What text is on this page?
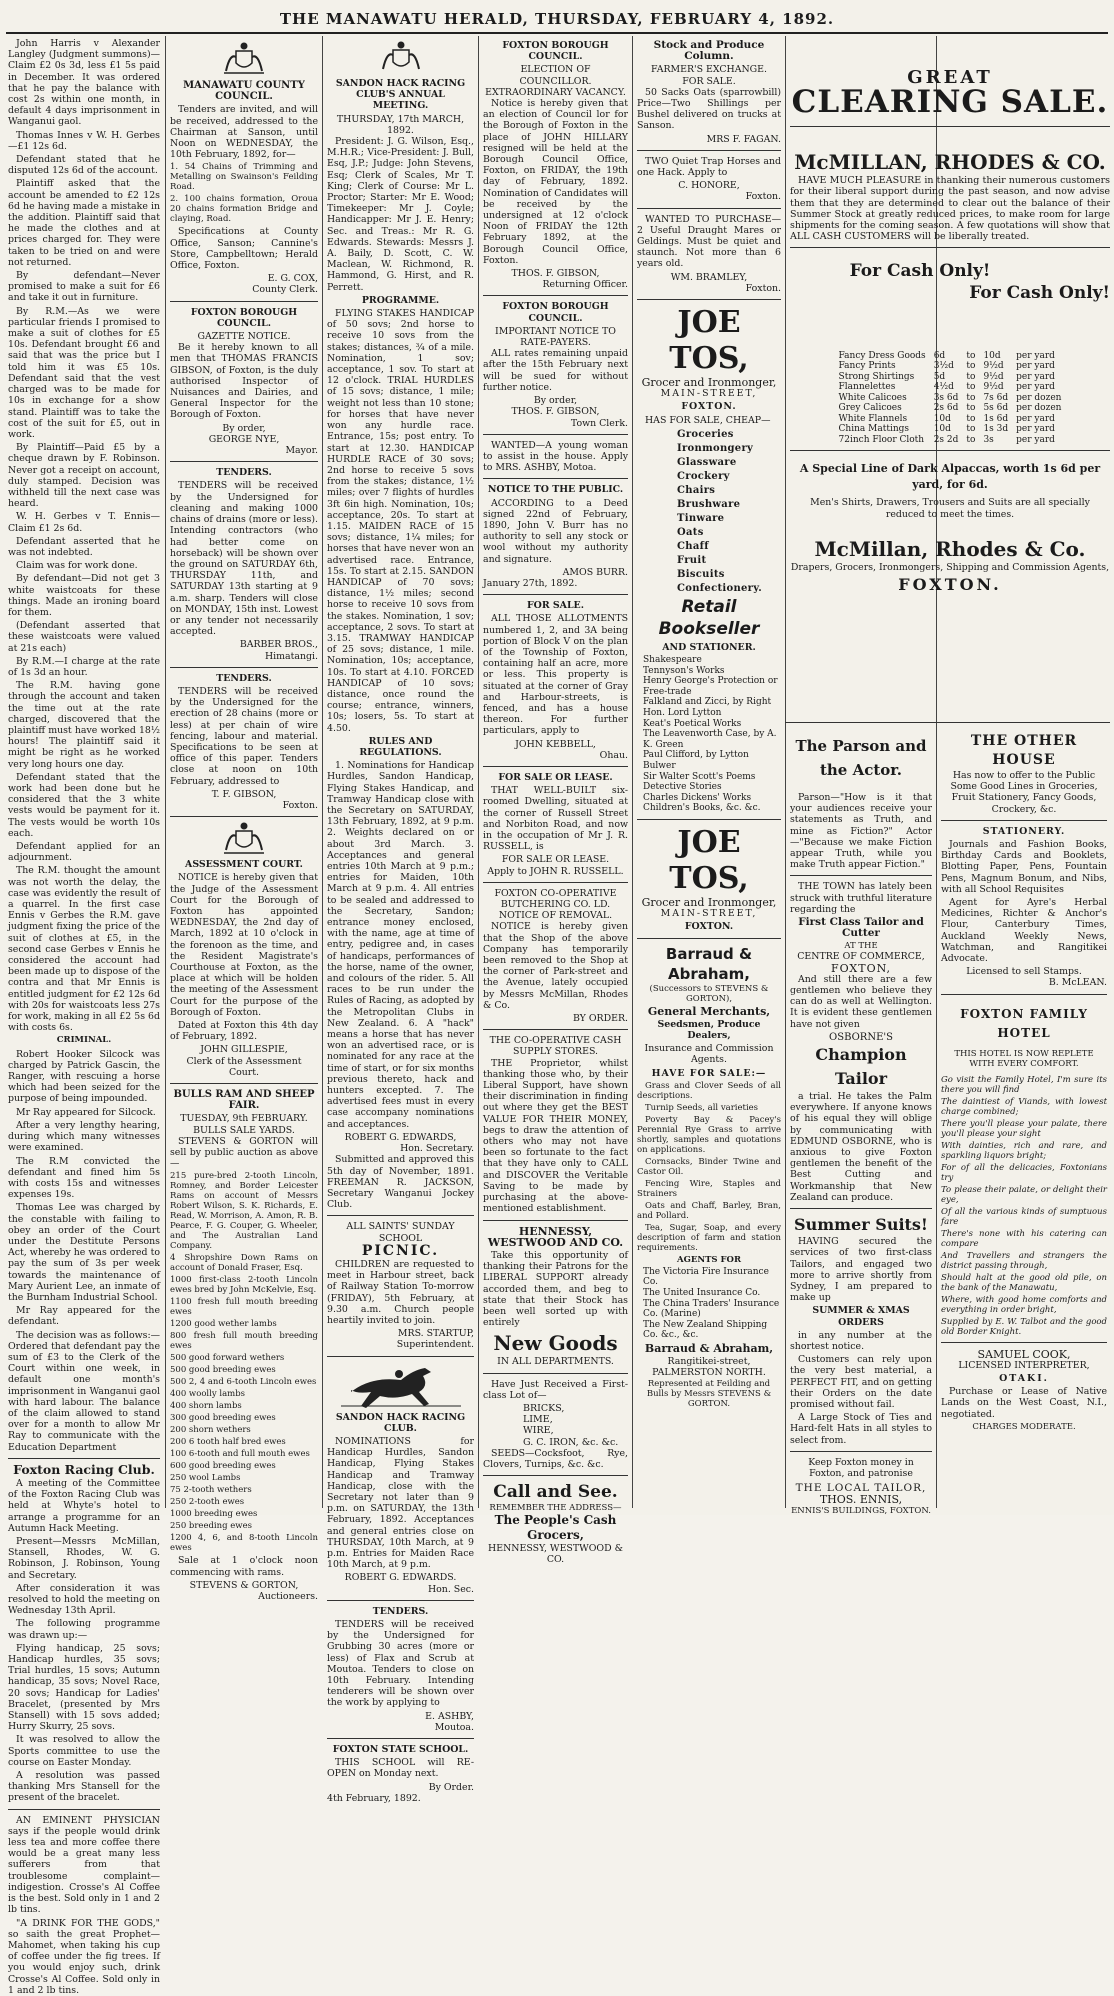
THE MANAWATU HERALD, THURSDAY, FEBRUARY 4, 1892.

John Harris v Alexander Langley (Judgment summons)—Claim £2 0s 3d, less £1 5s paid in December. It was ordered that he pay the balance with cost 2s within one month, in default 4 days imprisonment in Wanganui gaol.

Thomas Innes v W. H. Gerbes—£1 12s 6d.

Defendant stated that he disputed 12s 6d of the account.

Plaintiff asked that the account be amended to £2 12s 6d he having made a mistake in the addition. Plaintiff said that he made the clothes and at prices charged for. They were taken to be tried on and were not returned.

By defendant—Never promised to make a suit for £6 and take it out in furniture.

By R.M.—As we were particular friends I promised to make a suit of clothes for £5 10s. Defendant brought £6 and said that was the price but I told him it was £5 10s. Defendant said that the vest charged was to be made for 10s in exchange for a show stand. Plaintiff was to take the cost of the suit for £5, out in work.

By Plaintiff—Paid £5 by a cheque drawn by F. Robinson. Never got a receipt on account, duly stamped. Decision was withheld till the next case was heard.

W. H. Gerbes v T. Ennis—Claim £1 2s 6d.

Defendant asserted that he was not indebted.

Claim was for work done.

By defendant—Did not get 3 white waistcoats for these things. Made an ironing board for them.

(Defendant asserted that these waistcoats were valued at 21s each)

By R.M.—I charge at the rate of 1s 3d an hour.

The R.M. having gone through the account and taken the time out at the rate charged, discovered that the plaintiff must have worked 18½ hours! The plaintiff said it might be right as he worked very long hours one day.

Defendant stated that the work had been done but he considered that the 3 white vests would be payment for it. The vests would be worth 10s each.

Defendant applied for an adjournment.

The R.M. thought the amount was not worth the delay, the case was evidently the result of a quarrel. In the first case Ennis v Gerbes the R.M. gave judgment fixing the price of the suit of clothes at £5, in the second case Gerbes v Ennis he considered the account had been made up to dispose of the contra and that Mr Ennis is entitled judgment for £2 12s 6d with 20s for waistcoats less 27s for work, making in all £2 5s 6d with costs 6s.

CRIMINAL.

Robert Hooker Silcock was charged by Patrick Gascin, the Ranger, with rescuing a horse which had been seized for the purpose of being impounded.

Mr Ray appeared for Silcock.

After a very lengthy hearing, during which many witnesses were examined.

The R.M convicted the defendant and fined him 5s with costs 15s and witnesses expenses 19s.

Thomas Lee was charged by the constable with failing to obey an order of the Court under the Destitute Persons Act, whereby he was ordered to pay the sum of 3s per week towards the maintenance of Mary Aurient Lee, an inmate of the Burnham Industrial School.

Mr Ray appeared for the defendant.

The decision was as follows:—Ordered that defendant pay the sum of £3 to the Clerk of the Court within one week, in default one month's imprisonment in Wanganui gaol with hard labour. The balance of the claim allowed to stand over for a month to allow Mr Ray to communicate with the Education Department

Foxton Racing Club.

A meeting of the Committee of the Foxton Racing Club was held at Whyte's hotel to arrange a programme for an Autumn Hack Meeting.

Present—Messrs McMillan, Stansell, Rhodes, W. G. Robinson, J. Robinson, Young and Secretary.

After consideration it was resolved to hold the meeting on Wednesday 13th April.

The following programme was drawn up:—

Flying handicap, 25 sovs; Handicap hurdles, 35 sovs; Trial hurdles, 15 sovs; Autumn handicap, 35 sovs; Novel Race, 20 sovs; Handicap for Ladies' Bracelet, (presented by Mrs Stansell) with 15 sovs added; Hurry Skurry, 25 sovs.

It was resolved to allow the Sports committee to use the course on Easter Monday.

A resolution was passed thanking Mrs Stansell for the present of the bracelet.

AN EMINENT PHYSICIAN says if the people would drink less tea and more coffee there would be a great many less sufferers from that troublesome complaint—indigestion. Crosse's Al Coffee is the best. Sold only in 1 and 2 lb tins.

"A DRINK FOR THE GODS," so saith the great Prophet—Mahomet, when taking his cup of coffee under the fig trees. If you would enjoy such, drink Crosse's Al Coffee. Sold only in 1 and 2 lb tins.

MANAWATU COUNTY COUNCIL.

Tenders are invited, and will be received, addressed to the Chairman at Sanson, until Noon on WEDNESDAY, the 10th February, 1892, for—

1. 54 Chains of Trimming and Metalling on Swainson's Feilding Road.

2. 100 chains formation, Oroua 20 chains formation Bridge and claying, Road.

Specifications at County Office, Sanson; Cannine's Store, Campbelltown; Herald Office, Foxton.

E. G. COX,
County Clerk.
FOXTON BOROUGH COUNCIL.
GAZETTE NOTICE.

Be it hereby known to all men that THOMAS FRANCIS GIBSON, of Foxton, is the duly authorised Inspector of Nuisances and Dairies, and General Inspector for the Borough of Foxton.

By order,
GEORGE NYE,
Mayor.
TENDERS.

TENDERS will be received by the Undersigned for cleaning and making 1000 chains of drains (more or less). Intending contractors (who had better come on horseback) will be shown over the ground on SATURDAY 6th, THURSDAY 11th, and SATURDAY 13th starting at 9 a.m. sharp. Tenders will close on MONDAY, 15th inst. Lowest or any tender not necessarily accepted.

BARBER BROS.,
Himatangi.
TENDERS.

TENDERS will be received by the Undersigned for the erection of 28 chains (more or less) at per chain of wire fencing, labour and material. Specifications to be seen at office of this paper. Tenders close at noon on 10th February, addressed to

T. F. GIBSON,
Foxton.
ASSESSMENT COURT.

NOTICE is hereby given that the Judge of the Assessment Court for the Borough of Foxton has appointed WEDNESDAY, the 2nd day of March, 1892 at 10 o'clock in the forenoon as the time, and the Resident Magistrate's Courthouse at Foxton, as the place at which will be holden the meeting of the Assessment Court for the purpose of the Borough of Foxton.

Dated at Foxton this 4th day of February, 1892.

JOHN GILLESPIE,
Clerk of the Assessment Court.
BULLS RAM AND SHEEP FAIR.
TUESDAY, 9th FEBRUARY.
BULLS SALE YARDS.

STEVENS & GORTON will sell by public auction as above—

215 pure-bred 2-tooth Lincoln, Romney, and Border Leicester Rams on account of Messrs Robert Wilson, S. K. Richards, E. Read, W. Morrison, A. Amon, R. B. Pearce, F. G. Couper, G. Wheeler, and The Australian Land Company.

4 Shropshire Down Rams on account of Donald Fraser, Esq.

1000 first-class 2-tooth Lincoln ewes bred by John McKelvie, Esq.

1100 fresh full mouth breeding ewes

1200 good wether lambs

800 fresh full mouth breeding ewes

500 good forward wethers

500 good breeding ewes

500 2, 4 and 6-tooth Lincoln ewes

400 woolly lambs

400 shorn lambs

300 good breeding ewes

200 shorn wethers

200 6 tooth half bred ewes

100 6-tooth and full mouth ewes

600 good breeding ewes

250 wool Lambs

75 2-tooth wethers

250 2-tooth ewes

1000 breeding ewes

250 breeding ewes

1200 4, 6, and 8-tooth Lincoln ewes

Sale at 1 o'clock noon commencing with rams.

STEVENS & GORTON,
Auctioneers.
SANDON HACK RACING CLUB'S ANNUAL MEETING.
THURSDAY, 17th MARCH, 1892.

President: J. G. Wilson, Esq., M.H.R.; Vice-President: J. Bull, Esq, J.P.; Judge: John Stevens, Esq; Clerk of Scales, Mr T. King; Clerk of Course: Mr L. Proctor; Starter: Mr E. Wood; Timekeeper: Mr J. Coyle; Handicapper: Mr J. E. Henry; Sec. and Treas.: Mr R. G. Edwards. Stewards: Messrs J. A. Baily, D. Scott, C. W. Maclean, W. Richmond, R. Hammond, G. Hirst, and R. Perrett.

PROGRAMME.

FLYING STAKES HANDICAP of 50 sovs; 2nd horse to receive 10 sovs from the stakes; distances, ¾ of a mile. Nomination, 1 sov; acceptance, 1 sov. To start at 12 o'clock. TRIAL HURDLES of 15 sovs; distance, 1 mile; weight not less than 10 stone; for horses that have never won any hurdle race. Entrance, 15s; post entry. To start at 12.30. HANDICAP HURDLE RACE of 30 sovs; 2nd horse to receive 5 sovs from the stakes; distance, 1½ miles; over 7 flights of hurdles 3ft 6in high. Nomination, 10s; acceptance, 20s. To start at 1.15. MAIDEN RACE of 15 sovs; distance, 1¼ miles; for horses that have never won an advertised race. Entrance, 15s. To start at 2.15. SANDON HANDICAP of 70 sovs; distance, 1½ miles; second horse to receive 10 sovs from the stakes. Nomination, 1 sov; acceptance, 2 sovs. To start at 3.15. TRAMWAY HANDICAP of 25 sovs; distance, 1 mile. Nomination, 10s; acceptance, 10s. To start at 4.10. FORCED HANDICAP of 10 sovs; distance, once round the course; entrance, winners, 10s; losers, 5s. To start at 4.50.

RULES AND REGULATIONS.

1. Nominations for Handicap Hurdles, Sandon Handicap, Flying Stakes Handicap, and Tramway Handicap close with the Secretary on SATURDAY, 13th February, 1892, at 9 p.m. 2. Weights declared on or about 3rd March. 3. Acceptances and general entries 10th March at 9 p.m.; entries for Maiden, 10th March at 9 p.m. 4. All entries to be sealed and addressed to the Secretary, Sandon; entrance money enclosed, with the name, age at time of entry, pedigree and, in cases of handicaps, performances of the horse, name of the owner, and colours of the rider. 5. All races to be run under the Rules of Racing, as adopted by the Metropolitan Clubs in New Zealand. 6. A "hack" means a horse that has never won an advertised race, or is nominated for any race at the time of start, or for six months previous thereto, hack and hunters excepted. 7. The advertised fees must in every case accompany nominations and acceptances.

ROBERT G. EDWARDS,
Hon. Secretary.

Submitted and approved this 5th day of November, 1891. FREEMAN R. JACKSON, Secretary Wanganui Jockey Club.

ALL SAINTS' SUNDAY SCHOOL
PICNIC.

CHILDREN are requested to meet in Harbour street, back of Railway Station To-morrow (FRIDAY), 5th February, at 9.30 a.m. Church people heartily invited to join.

MRS. STARTUP,
Superintendent.
SANDON HACK RACING CLUB.

NOMINATIONS for Handicap Hurdles, Sandon Handicap, Flying Stakes Handicap and Tramway Handicap, close with the Secretary not later than 9 p.m. on SATURDAY, the 13th February, 1892. Acceptances and general entries close on THURSDAY, 10th March, at 9 p.m. Entries for Maiden Race 10th March, at 9 p.m.

ROBERT G. EDWARDS.
Hon. Sec.
TENDERS.

TENDERS will be received by the Undersigned for Grubbing 30 acres (more or less) of Flax and Scrub at Moutoa. Tenders to close on 10th February. Intending tenderers will be shown over the work by applying to

E. ASHBY,
Moutoa.
FOXTON STATE SCHOOL.

THIS SCHOOL will RE-OPEN on Monday next.

By Order.
4th February, 1892.
FOXTON BOROUGH COUNCIL.
ELECTION OF COUNCILLOR.
EXTRAORDINARY VACANCY.

Notice is hereby given that an election of Council lor for the Borough of Foxton in the place of JOHN HILLARY resigned will be held at the Borough Council Office, Foxton, on FRIDAY, the 19th day of February, 1892. Nomination of Candidates will be received by the undersigned at 12 o'clock Noon of FRIDAY the 12th February 1892, at the Borough Council Office, Foxton.

THOS. F. GIBSON,
Returning Officer.
FOXTON BOROUGH COUNCIL.
IMPORTANT NOTICE TO RATE-PAYERS.

ALL rates remaining unpaid after the 15th February next will be sued for without further notice.

By order,
THOS. F. GIBSON,
Town Clerk.

WANTED—A young woman to assist in the house. Apply to MRS. ASHBY, Motoa.

NOTICE TO THE PUBLIC.

ACCORDING to a Deed signed 22nd of February, 1890, John V. Burr has no authority to sell any stock or wool without my authority and signature.

AMOS BURR.
January 27th, 1892.
FOR SALE.

ALL THOSE ALLOTMENTS numbered 1, 2, and 3A being portion of Block V on the plan of the Township of Foxton, containing half an acre, more or less. This property is situated at the corner of Gray and Harbour-streets, is fenced, and has a house thereon. For further particulars, apply to

JOHN KEBBELL,
Ohau.
FOR SALE OR LEASE.

THAT WELL-BUILT six-roomed Dwelling, situated at the corner of Russell Street and Norbiton Road, and now in the occupation of Mr J. R. RUSSELL, is

FOR SALE OR LEASE.
Apply to JOHN R. RUSSELL.
FOXTON CO-OPERATIVE BUTCHERING CO. LD.
NOTICE OF REMOVAL.

NOTICE is hereby given that the Shop of the above Company has temporarily been removed to the Shop at the corner of Park-street and the Avenue, lately occupied by Messrs McMillan, Rhodes & Co.

BY ORDER.
THE CO-OPERATIVE CASH SUPPLY STORES.

THE Proprietor, whilst thanking those who, by their Liberal Support, have shown their discrimination in finding out where they get the BEST VALUE FOR THEIR MONEY, begs to draw the attention of others who may not have been so fortunate to the fact that they have only to CALL and DISCOVER the Veritable Saving to be made by purchasing at the above-mentioned establishment.

HENNESSY, WESTWOOD AND CO.

Take this opportunity of thanking their Patrons for the LIBERAL SUPPORT already accorded them, and beg to state that their Stock has been well sorted up with entirely

New Goods
IN ALL DEPARTMENTS.

Have Just Received a First-class Lot of—

BRICKS,
LIME,
WIRE,
G. C. IRON, &c. &c.

SEEDS—Cocksfoot, Rye, Clovers, Turnips, &c. &c.

Call and See.
REMEMBER THE ADDRESS—
The People's Cash Grocers,
HENNESSY, WESTWOOD & CO.
Stock and Produce Column.
FARMER'S EXCHANGE.
FOR SALE.

50 Sacks Oats (sparrowbill) Price—Two Shillings per Bushel delivered on trucks at Sanson.

MRS F. FAGAN.

TWO Quiet Trap Horses and one Hack. Apply to

C. HONORE,
Foxton.

WANTED TO PURCHASE—2 Useful Draught Mares or Geldings. Must be quiet and staunch. Not more than 6 years old.

WM. BRAMLEY,
Foxton.
JOE TOS,
Grocer and Ironmonger,
MAIN-STREET,
FOXTON.

HAS FOR SALE, CHEAP—

Groceries
Ironmongery
Glassware
Crockery
Chairs
Brushware
Tinware
Oats
Chaff
Fruit
Biscuits
Confectionery.
Retail Bookseller
AND STATIONER.
Shakespeare
Tennyson's Works
Henry George's Protection or Free-trade
Falkland and Zicci, by Right Hon. Lord Lytton
Keat's Poetical Works
The Leavenworth Case, by A. K. Green
Paul Clifford, by Lytton Bulwer
Sir Walter Scott's Poems
Detective Stories
Charles Dickens' Works
Children's Books, &c. &c.
JOE TOS,
Grocer and Ironmonger,
MAIN-STREET,
FOXTON.
Barraud & Abraham,
(Successors to STEVENS & GORTON),
General Merchants,
Seedsmen, Produce Dealers,
Insurance and Commission Agents.
HAVE FOR SALE:—

Grass and Clover Seeds of all descriptions.

Turnip Seeds, all varieties

Poverty Bay & Pacey's Perennial Rye Grass to arrive shortly, samples and quotations on applications.

Cornsacks, Binder Twine and Castor Oil.

Fencing Wire, Staples and Strainers

Oats and Chaff, Barley, Bran, and Pollard.

Tea, Sugar, Soap, and every description of farm and station requirements.

AGENTS FOR
The Victoria Fire Insurance Co.
The United Insurance Co.
The China Traders' Insurance Co. (Marine)
The New Zealand Shipping Co. &c., &c.
Barraud & Abraham,
Rangitikei-street,
PALMERSTON NORTH.
Represented at Feilding and Bulls by Messrs STEVENS & GORTON.
GREAT
CLEARING SALE.
McMILLAN, RHODES & CO.

HAVE MUCH PLEASURE in thanking their numerous customers for their liberal support during the past season, and now advise them that they are determined to clear out the balance of their Summer Stock at greatly reduced prices, to make room for large shipments for the coming season. A few quotations will show that ALL CASH CUSTOMERS will be liberally treated.

For Cash Only!
For Cash Only!
Fancy Dress Goods	6d	to	10d	per yard
Fancy Prints	3½d	to	9½d	per yard
Strong Shirtings	5d	to	9½d	per yard
Flannelettes	4½d	to	9½d	per yard
White Calicoes	3s 6d	to	7s 6d	per dozen
Grey Calicoes	2s 6d	to	5s 6d	per dozen
White Flannels	10d	to	1s 6d	per yard
China Mattings	10d	to	1s 3d	per yard
72inch Floor Cloth	2s 2d	to	3s	per yard
A Special Line of Dark Alpaccas, worth 1s 6d per yard, for 6d.
Men's Shirts, Drawers, Trousers and Suits are all specially reduced to meet the times.
McMillan, Rhodes & Co.
Drapers, Grocers, Ironmongers, Shipping and Commission Agents,
FOXTON.
The Parson and the Actor.

Parson—"How is it that your audiences receive your statements as Truth, and mine as Fiction?" Actor—"Because we make Fiction appear Truth, while you make Truth appear Fiction."

THE TOWN has lately been struck with truthful literature regarding the

First Class Tailor and Cutter
AT THE
CENTRE OF COMMERCE,
FOXTON,

And still there are a few gentlemen who believe they can do as well at Wellington. It is evident these gentlemen have not given

OSBORNE'S
Champion Tailor

a trial. He takes the Palm everywhere. If anyone knows of his equal they will oblige by communicating with EDMUND OSBORNE, who is anxious to give Foxton gentlemen the benefit of the Best Cutting and Workmanship that New Zealand can produce.

Summer Suits!

HAVING secured the services of two first-class Tailors, and engaged two more to arrive shortly from Sydney, I am prepared to make up

SUMMER & XMAS ORDERS

in any number at the shortest notice.

Customers can rely upon the very best material, a PERFECT FIT, and on getting their Orders on the date promised without fail.

A Large Stock of Ties and Hard-felt Hats in all styles to select from.

Keep Foxton money in Foxton, and patronise
THE LOCAL TAILOR,
THOS. ENNIS,
ENNIS'S BUILDINGS, FOXTON.
THE OTHER HOUSE

Has now to offer to the Public Some Good Lines in Groceries, Fruit Stationery, Fancy Goods, Crockery, &c.

STATIONERY.

Journals and Fashion Books, Birthday Cards and Booklets, Blotting Paper, Pens, Fountain Pens, Magnum Bonum, and Nibs, with all School Requisites

Agent for Ayre's Herbal Medicines, Richter & Anchor's Flour, Canterbury Times, Auckland Weekly News, Watchman, and Rangitikei Advocate.

Licensed to sell Stamps.
B. McLEAN.
FOXTON FAMILY HOTEL
THIS HOTEL IS NOW REPLETE WITH EVERY COMFORT.

Go visit the Family Hotel, I'm sure its there you will find

The daintiest of Viands, with lowest charge combined;

There you'll please your palate, there you'll please your sight

With dainties, rich and rare, and sparkling liquors bright;

For of all the delicacies, Foxtonians try

To please their palate, or delight their eye,

Of all the various kinds of sumptuous fare

There's none with his catering can compare

And Travellers and strangers the district passing through,

Should halt at the good old pile, on the bank of the Manawatu,

Where, with good home comforts and everything in order bright,

Supplied by E. W. Talbot and the good old Border Knight.

SAMUEL COOK,
LICENSED INTERPRETER,
OTAKI.

Purchase or Lease of Native Lands on the West Coast, N.I., negotiated.

CHARGES MODERATE.
